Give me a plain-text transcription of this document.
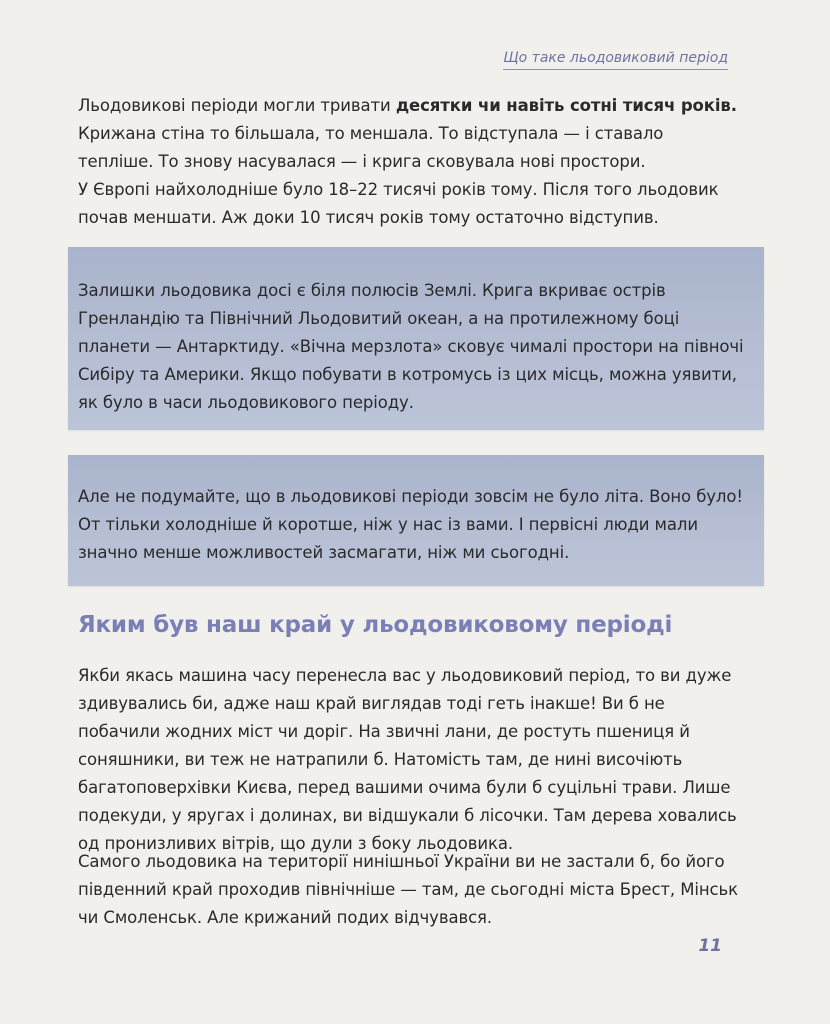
Що таке льодовиковий період

Льодовикові періоди могли тривати десятки чи навіть сотні тисяч років. Крижана стіна то більшала, то меншала. То відступала — і ставало тепліше. То знову насувалася — і крига сковувала нові простори.

У Європі найхолодніше було 18–22 тисячі років тому. Після того льодовик почав меншати. Аж доки 10 тисяч років тому остаточно відступив.

Залишки льодовика досі є біля полюсів Землі. Крига вкриває острів Гренландію та Північний Льодовитий океан, а на протилежному боці планети — Антарктиду. «Вічна мерзлота» сковує чималі простори на півночі Сибіру та Америки. Якщо побувати в котромусь із цих місць, можна уявити, як було в часи льодовикового періоду.

Але не подумайте, що в льодовикові періоди зовсім не було літа. Воно було! От тільки холодніше й коротше, ніж у нас із вами. І первісні люди мали значно менше можливостей засмагати, ніж ми сьогодні.

Яким був наш край у льодовиковому періоді

Якби якась машина часу перенесла вас у льодовиковий період, то ви дуже здивувались би, адже наш край виглядав тоді геть інакше! Ви б не побачили жодних міст чи доріг. На звичні лани, де ростуть пшениця й соняшники, ви теж не натрапили б. Натомість там, де нині височіють багатоповерхівки Києва, перед вашими очима були б суцільні трави. Лише подекуди, у яругах і долинах, ви відшукали б лісочки. Там дерева ховались од пронизливих вітрів, що дули з боку льодовика.

Самого льодовика на території нинішньої України ви не застали б, бо його південний край проходив північніше — там, де сьогодні міста Брест, Мінськ чи Смоленськ. Але крижаний подих відчувався.

11
